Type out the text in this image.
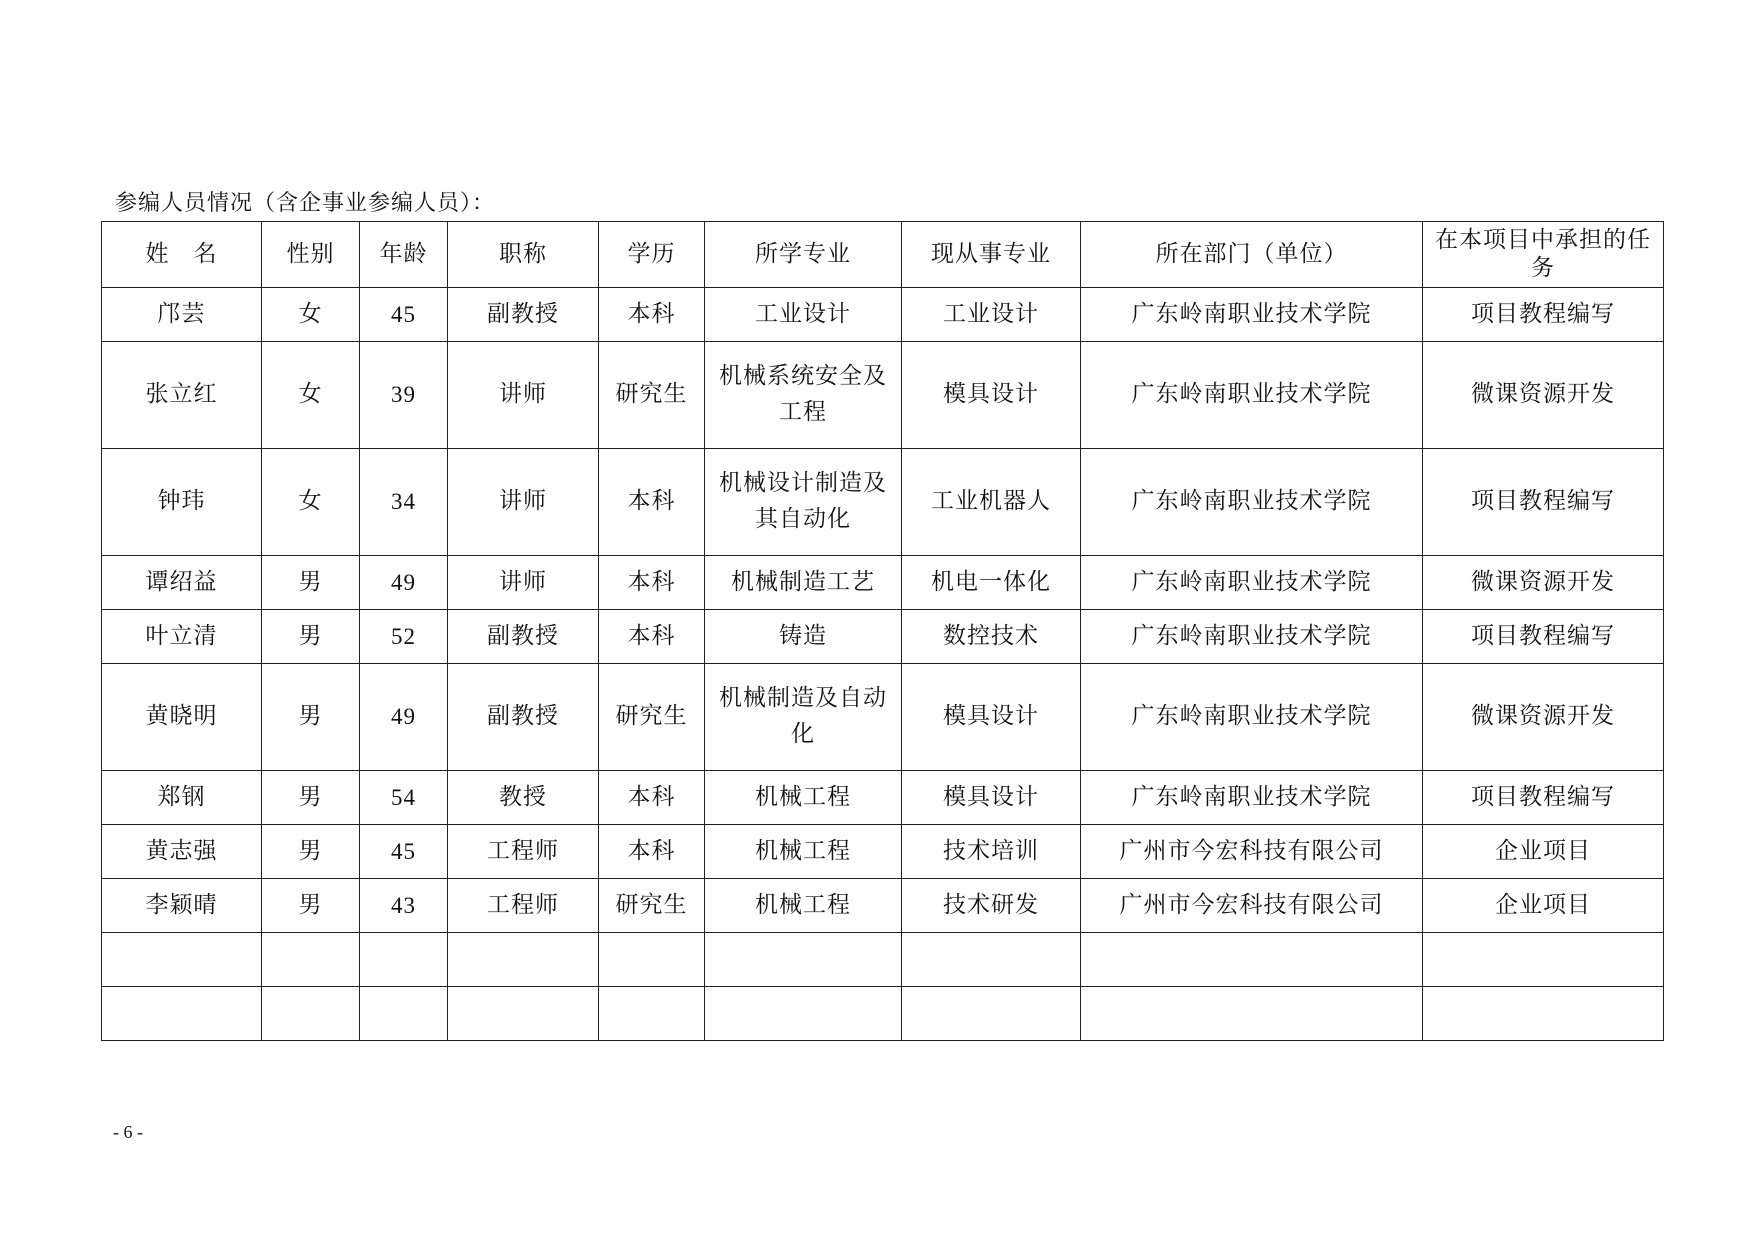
参编人员情况（含企事业参编人员）：
姓　名	性别	年龄	职称	学历	所学专业	现从事专业	所在部门（单位）	在本项目中承担的任务
邝芸	女	45	副教授	本科	工业设计	工业设计	广东岭南职业技术学院	项目教程编写
张立红	女	39	讲师	研究生	机械系统安全及工程	模具设计	广东岭南职业技术学院	微课资源开发
钟玮	女	34	讲师	本科	机械设计制造及其自动化	工业机器人	广东岭南职业技术学院	项目教程编写
谭绍益	男	49	讲师	本科	机械制造工艺	机电一体化	广东岭南职业技术学院	微课资源开发
叶立清	男	52	副教授	本科	铸造	数控技术	广东岭南职业技术学院	项目教程编写
黄晓明	男	49	副教授	研究生	机械制造及自动化	模具设计	广东岭南职业技术学院	微课资源开发
郑钢	男	54	教授	本科	机械工程	模具设计	广东岭南职业技术学院	项目教程编写
黄志强	男	45	工程师	本科	机械工程	技术培训	广州市今宏科技有限公司	企业项目
李颖晴	男	43	工程师	研究生	机械工程	技术研发	广州市今宏科技有限公司	企业项目

- 6 -
